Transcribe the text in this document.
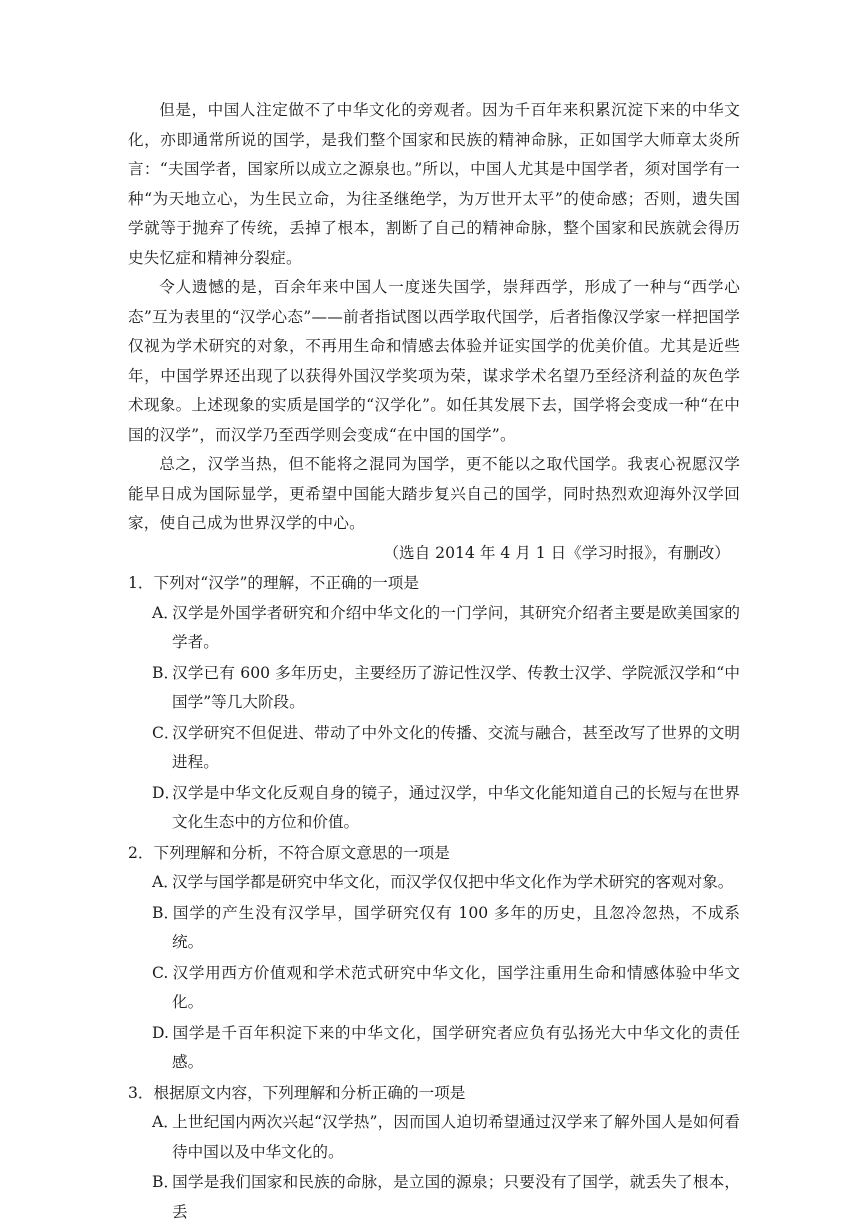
但是，中国人注定做不了中华文化的旁观者。因为千百年来积累沉淀下来的中华文化，亦即通常所说的国学，是我们整个国家和民族的精神命脉，正如国学大师章太炎所言：“夫国学者，国家所以成立之源泉也。”所以，中国人尤其是中国学者，须对国学有一种“为天地立心，为生民立命，为往圣继绝学，为万世开太平”的使命感；否则，遗失国学就等于抛弃了传统，丢掉了根本，割断了自己的精神命脉，整个国家和民族就会得历史失忆症和精神分裂症。

令人遗憾的是，百余年来中国人一度迷失国学，崇拜西学，形成了一种与“西学心态”互为表里的“汉学心态”——前者指试图以西学取代国学，后者指像汉学家一样把国学仅视为学术研究的对象，不再用生命和情感去体验并证实国学的优美价值。尤其是近些年，中国学界还出现了以获得外国汉学奖项为荣，谋求学术名望乃至经济利益的灰色学术现象。上述现象的实质是国学的“汉学化”。如任其发展下去，国学将会变成一种“在中国的汉学”，而汉学乃至西学则会变成“在中国的国学”。

总之，汉学当热，但不能将之混同为国学，更不能以之取代国学。我衷心祝愿汉学能早日成为国际显学，更希望中国能大踏步复兴自己的国学，同时热烈欢迎海外汉学回家，使自己成为世界汉学的中心。

（选自 2014 年 4 月 1 日《学习时报》，有删改）

1．下列对“汉学”的理解，不正确的一项是

A．汉学是外国学者研究和介绍中华文化的一门学问，其研究介绍者主要是欧美国家的学者。

B．汉学已有 600 多年历史，主要经历了游记性汉学、传教士汉学、学院派汉学和“中国学”等几大阶段。

C．汉学研究不但促进、带动了中外文化的传播、交流与融合，甚至改写了世界的文明进程。

D．汉学是中华文化反观自身的镜子，通过汉学，中华文化能知道自己的长短与在世界文化生态中的方位和价值。

2．下列理解和分析，不符合原文意思的一项是

A．汉学与国学都是研究中华文化，而汉学仅仅把中华文化作为学术研究的客观对象。

B．国学的产生没有汉学早，国学研究仅有 100 多年的历史，且忽冷忽热，不成系统。

C. 汉学用西方价值观和学术范式研究中华文化，国学注重用生命和情感体验中华文化。

D. 国学是千百年积淀下来的中华文化，国学研究者应负有弘扬光大中华文化的责任感。

3．根据原文内容，下列理解和分析正确的一项是

A．上世纪国内两次兴起“汉学热”，因而国人迫切希望通过汉学来了解外国人是如何看待中国以及中华文化的。

B．国学是我们国家和民族的命脉，是立国的源泉；只要没有了国学，就丢失了根本，丢
